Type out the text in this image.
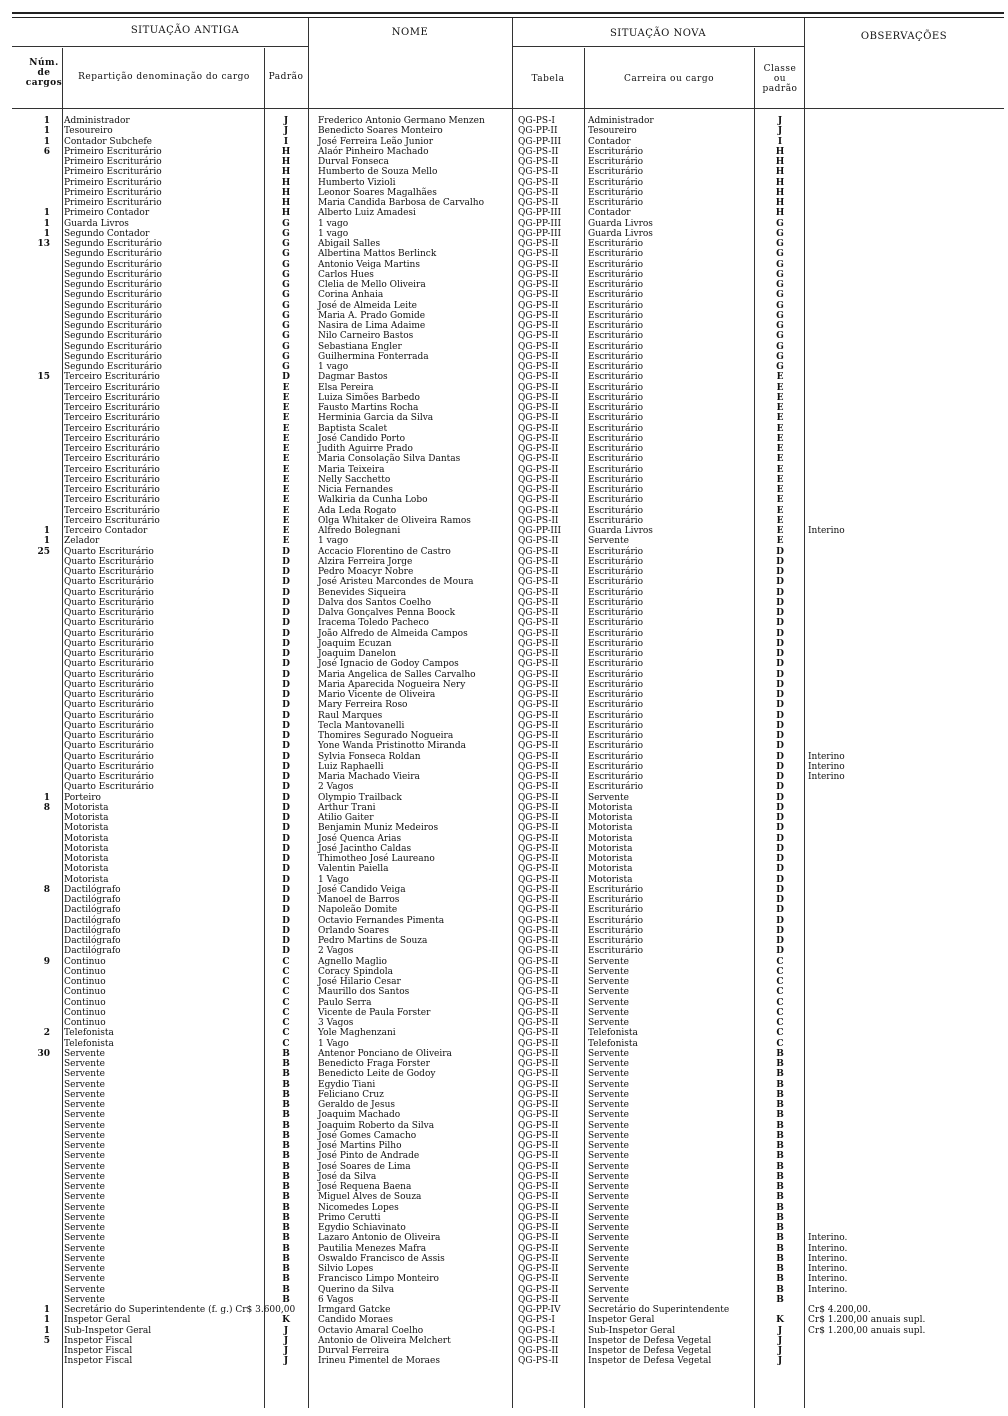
SITUAÇÃO ANTIGA	NOME	SITUAÇÃO NOVA	OBSERVAÇÕES
Núm. de cargos
Repartição denominação do cargo	Padrão	Tabela	Carreira ou cargo
Classe ou padrão
1 Administrador	J	Frederico Antonio Germano Menzen	QG-PS-I	Administrador	J
1 Tesoureiro	J	Benedicto Soares Monteiro	QG-PP-II	Tesoureiro	J
1 Contador Subchefe	I	José Ferreira Leão Junior	QG-PP-III	Contador	I
6 Primeiro Escriturário	H	Alaór Pinheiro Machado	QG-PS-II	Escriturário	H
Primeiro Escriturário	H	Durval Fonseca	QG-PS-II	Escriturário	H
Primeiro Escriturário	H	Humberto de Souza Mello	QG-PS-II	Escriturário	H
Primeiro Escriturário	H	Humberto Vizioli	QG-PS-II	Escriturário	H
Primeiro Escriturário	H	Leonor Soares Magalhães	QG-PS-II	Escriturário	H
Primeiro Escriturário	H	Maria Candida Barbosa de Carvalho	QG-PS-II	Escriturário	H
1 Primeiro Contador	H	Alberto Luiz Amadesi	QG-PP-III	Contador	H
1 Guarda Livros	G	1 vago	QG-PP-III	Guarda Livros	G
1 Segundo Contador	G	1 vago	QG-PP-III	Guarda Livros	G
13 Segundo Escriturário	G	Abigail Salles	QG-PS-II	Escriturário	G
Segundo Escriturário	G	Albertina Mattos Berlinck	QG-PS-II	Escriturário	G
Segundo Escriturário	G	Antonio Veiga Martins	QG-PS-II	Escriturário	G
Segundo Escriturário	G	Carlos Hues	QG-PS-II	Escriturário	G
Segundo Escriturário	G	Clelia de Mello Oliveira	QG-PS-II	Escriturário	G
Segundo Escriturário	G	Corina Anhaia	QG-PS-II	Escriturário	G
Segundo Escriturário	G	José de Almeida Leite	QG-PS-II	Escriturário	G
Segundo Escriturário	G	Maria A. Prado Gomide	QG-PS-II	Escriturário	G
Segundo Escriturário	G	Nasira de Lima Adaime	QG-PS-II	Escriturário	G
Segundo Escriturário	G	Nilo Carneiro Bastos	QG-PS-II	Escriturário	G
Segundo Escriturário	G	Sebastiana Engler	QG-PS-II	Escriturário	G
Segundo Escriturário	G	Guilhermina Fonterrada	QG-PS-II	Escriturário	G
Segundo Escriturário	G	1 vago	QG-PS-II	Escriturário	G
15 Terceiro Escriturário	D	Dagmar Bastos	QG-PS-II	Escriturário	E
Terceiro Escriturário	E	Elsa Pereira	QG-PS-II	Escriturário	E
Terceiro Escriturário	E	Luiza Simões Barbedo	QG-PS-II	Escriturário	E
Terceiro Escriturário	E	Fausto Martins Rocha	QG-PS-II	Escriturário	E
Terceiro Escriturário	E	Herminia Garcia da Silva	QG-PS-II	Escriturário	E
Terceiro Escriturário	E	Baptista Scalet	QG-PS-II	Escriturário	E
Terceiro Escriturário	E	José Candido Porto	QG-PS-II	Escriturário	E
Terceiro Escriturário	E	Judith Aguirre Prado	QG-PS-II	Escriturário	E
Terceiro Escriturário	E	Maria Consolação Silva Dantas	QG-PS-II	Escriturário	E
Terceiro Escriturário	E	Maria Teixeira	QG-PS-II	Escriturário	E
Terceiro Escriturário	E	Nelly Sacchetto	QG-PS-II	Escriturário	E
Terceiro Escriturário	E	Nicia Fernandes	QG-PS-II	Escriturário	E
Terceiro Escriturário	E	Walkiria da Cunha Lobo	QG-PS-II	Escriturário	E
Terceiro Escriturário	E	Ada Leda Rogato	QG-PS-II	Escriturário	E
Terceiro Escriturário	E	Olga Whitaker de Oliveira Ramos	QG-PS-II	Escriturário	E
1 Terceiro Contador	E	Alfredo Bolegnani	QG-PP-III	Guarda Livros	E	Interino
1 Zelador	E	1 vago	QG-PS-II	Servente	E
25 Quarto Escriturário	D	Accacio Florentino de Castro	QG-PS-II	Escriturário	D
Quarto Escriturário	D	Alzira Ferreira Jorge	QG-PS-II	Escriturário	D
Quarto Escriturário	D	Pedro Moacyr Nobre	QG-PS-II	Escriturário	D
Quarto Escriturário	D	José Aristeu Marcondes de Moura	QG-PS-II	Escriturário	D
Quarto Escriturário	D	Benevides Siqueira	QG-PS-II	Escriturário	D
Quarto Escriturário	D	Dalva dos Santos Coelho	QG-PS-II	Escriturário	D
Quarto Escriturário	D	Dalva Gonçalves Penna Boock	QG-PS-II	Escriturário	D
Quarto Escriturário	D	Iracema Toledo Pacheco	QG-PS-II	Escriturário	D
Quarto Escriturário	D	João Alfredo de Almeida Campos	QG-PS-II	Escriturário	D
Quarto Escriturário	D	Joaquim Ecuzan	QG-PS-II	Escriturário	D
Quarto Escriturário	D	Joaquim Danelon	QG-PS-II	Escriturário	D
Quarto Escriturário	D	José Ignacio de Godoy Campos	QG-PS-II	Escriturário	D
Quarto Escriturário	D	Maria Angelica de Salles Carvalho	QG-PS-II	Escriturário	D
Quarto Escriturário	D	Maria Aparecida Nogueira Nery	QG-PS-II	Escriturário	D
Quarto Escriturário	D	Mario Vicente de Oliveira	QG-PS-II	Escriturário	D
Quarto Escriturário	D	Mary Ferreira Roso	QG-PS-II	Escriturário	D
Quarto Escriturário	D	Raul Marques	QG-PS-II	Escriturário	D
Quarto Escriturário	D	Tecla Mantovanelli	QG-PS-II	Escriturário	D
Quarto Escriturário	D	Thomires Segurado Nogueira	QG-PS-II	Escriturário	D
Quarto Escriturário	D	Yone Wanda Pristinotto Miranda	QG-PS-II	Escriturário	D
Quarto Escriturário	D	Sylvia Fonseca Roldan	QG-PS-II	Escriturário	D	Interino
Quarto Escriturário	D	Luiz Raphaelli	QG-PS-II	Escriturário	D	Interino
Quarto Escriturário	D	Maria Machado Vieira	QG-PS-II	Escriturário	D	Interino
Quarto Escriturário	D	2 Vagos	QG-PS-II	Escriturário	D
1 Porteiro	D	Olympio Trailback	QG-PS-II	Servente	D
8 Motorista	D	Arthur Trani	QG-PS-II	Motorista	D
Motorista	D	Atilio Gaiter	QG-PS-II	Motorista	D
Motorista	D	Benjamin Muniz Medeiros	QG-PS-II	Motorista	D
Motorista	D	José Quenca Arias	QG-PS-II	Motorista	D
Motorista	D	José Jacintho Caldas	QG-PS-II	Motorista	D
Motorista	D	Thimotheo José Laureano	QG-PS-II	Motorista	D
Motorista	D	Valentin Paiella	QG-PS-II	Motorista	D
Motorista	D	1 Vago	QG-PS-II	Motorista	D
8 Dactilógrafo	D	José Candido Veiga	QG-PS-II	Escriturário	D
Dactilógrafo	D	Manoel de Barros	QG-PS-II	Escriturário	D
Dactilógrafo	D	Napoleão Domite	QG-PS-II	Escriturário	D
Dactilógrafo	D	Octavio Fernandes Pimenta	QG-PS-II	Escriturário	D
Dactilógrafo	D	Orlando Soares	QG-PS-II	Escriturário	D
Dactilógrafo	D	Pedro Martins de Souza	QG-PS-II	Escriturário	D
Dactilógrafo	D	2 Vagos	QG-PS-II	Escriturário	D
9 Continuo	C	Agnello Maglio	QG-PS-II	Servente	C
Continuo	C	Coracy Spindola	QG-PS-II	Servente	C
Continuo	C	José Hilario Cesar	QG-PS-II	Servente	C
Continuo	C	Maurillo dos Santos	QG-PS-II	Servente	C
Continuo	C	Paulo Serra	QG-PS-II	Servente	C
Continuo	C	Vicente de Paula Forster	QG-PS-II	Servente	C
Continuo	C	3 Vagos	QG-PS-II	Servente	C
2 Telefonista	C	Yole Maghenzani	QG-PS-II	Telefonista	C
Telefonista	C	1 Vago	QG-PS-II	Telefonista	C
30 Servente	B	Antenor Ponciano de Oliveira	QG-PS-II	Servente	B
Servente	B	Benedicto Fraga Forster	QG-PS-II	Servente	B
Servente	B	Benedicto Leite de Godoy	QG-PS-II	Servente	B
Servente	B	Egydio Tiani	QG-PS-II	Servente	B
Servente	B	Feliciano Cruz	QG-PS-II	Servente	B
Servente	B	Geraldo de Jesus	QG-PS-II	Servente	B
Servente	B	Joaquim Machado	QG-PS-II	Servente	B
Servente	B	Joaquim Roberto da Silva	QG-PS-II	Servente	B
Servente	B	José Gomes Camacho	QG-PS-II	Servente	B
Servente	B	José Martins Pilho	QG-PS-II	Servente	B
Servente	B	José Pinto de Andrade	QG-PS-II	Servente	B
Servente	B	José Soares de Lima	QG-PS-II	Servente	B
Servente	B	José da Silva	QG-PS-II	Servente	B
Servente	B	José Requena Baena	QG-PS-II	Servente	B
Servente	B	Miguel Alves de Souza	QG-PS-II	Servente	B
Servente	B	Nicomedes Lopes	QG-PS-II	Servente	B
Servente	B	Primo Cerutti	QG-PS-II	Servente	B
Servente	B	Egydio Schiavinato	QG-PS-II	Servente	B
Servente	B	Lazaro Antonio de Oliveira	QG-PS-II	Servente	B	Interino.
Servente	B	Pautilia Menezes Mafra	QG-PS-II	Servente	B	Interino.
Servente	B	Oswaldo Francisco de Assis	QG-PS-II	Servente	B	Interino.
Servente	B	Silvio Lopes	QG-PS-II	Servente	B	Interino.
Servente	B	Francisco Limpo Monteiro	QG-PS-II	Servente	B	Interino.
Servente	B	Querino da Silva	QG-PS-II	Servente	B	Interino.
Servente	B	6 Vagos	QG-PS-II	Servente	B
1 Secretário do Superintendente (f. g.) Cr$ 3.600,00	Irmgard Gatcke	QG-PP-IV	Secretário do Superintendente	Cr$ 4.200,00.
1 Inspetor Geral	K	Candido Moraes	QG-PS-I	Inspetor Geral	K	Cr$ 1.200,00 anuais supl.
1 Sub-Inspetor Geral	J	Octavio Amaral Coelho	QG-PS-I	Sub-Inspetor Geral	J	Cr$ 1.200,00 anuais supl.
5 Inspetor Fiscal	J	Antonio de Oliveira Melchert	QG-PS-II	Inspetor de Defesa Vegetal	J
Inspetor Fiscal	J	Durval Ferreira	QG-PS-II	Inspetor de Defesa Vegetal	J
Inspetor Fiscal	J	Irineu Pimentel de Moraes	QG-PS-II	Inspetor de Defesa Vegetal	J
